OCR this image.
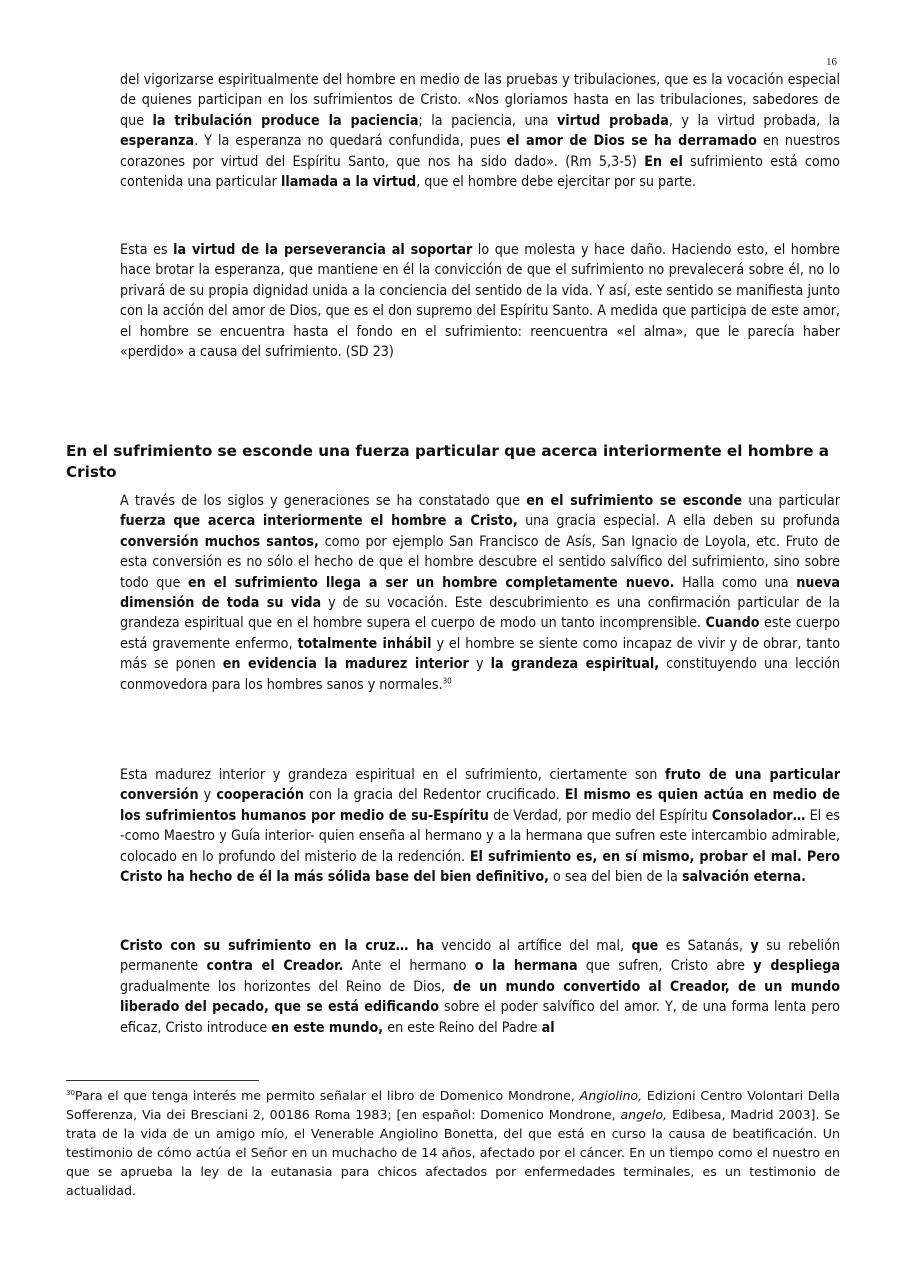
16

del vigorizarse espiritualmente del hombre en medio de las pruebas y tribulaciones, que es la vocación especial de quienes participan en los sufrimientos de Cristo. «Nos gloriamos hasta en las tribulaciones, sabedores de que la tribulación produce la paciencia; la paciencia, una virtud probada, y la virtud probada, la esperanza. Y la esperanza no quedará confundida, pues el amor de Dios se ha derramado en nuestros corazones por virtud del Espíritu Santo, que nos ha sido dado». (Rm 5,3-5) En el sufrimiento está como contenida una particular llamada a la virtud, que el hombre debe ejercitar por su parte.

Esta es la virtud de la perseverancia al soportar lo que molesta y hace daño. Haciendo esto, el hombre hace brotar la esperanza, que mantiene en él la convicción de que el sufrimiento no prevalecerá sobre él, no lo privará de su propia dignidad unida a la conciencia del sentido de la vida. Y así, este sentido se manifiesta junto con la acción del amor de Dios, que es el don supremo del Espíritu Santo. A medida que participa de este amor, el hombre se encuentra hasta el fondo en el sufrimiento: reencuentra «el alma», que le parecía haber «perdido» a causa del sufrimiento. (SD 23)

En el sufrimiento se esconde una fuerza particular que acerca interiormente el hombre a Cristo

A través de los siglos y generaciones se ha constatado que en el sufrimiento se esconde una particular fuerza que acerca interiormente el hombre a Cristo, una gracia especial. A ella deben su profunda conversión muchos santos, como por ejemplo San Francisco de Asís, San Ignacio de Loyola, etc. Fruto de esta conversión es no sólo el hecho de que el hombre descubre el sentido salvífico del sufrimiento, sino sobre todo que en el sufrimiento llega a ser un hombre completamente nuevo. Halla como una nueva dimensión de toda su vida y de su vocación. Este descubrimiento es una confirmación particular de la grandeza espiritual que en el hombre supera el cuerpo de modo un tanto incomprensible. Cuando este cuerpo está gravemente enfermo, totalmente inhábil y el hombre se siente como incapaz de vivir y de obrar, tanto más se ponen en evidencia la madurez interior y la grandeza espiritual, constituyendo una lección conmovedora para los hombres sanos y normales.$^{30}$

Esta madurez interior y grandeza espiritual en el sufrimiento, ciertamente son fruto de una particular conversión y cooperación con la gracia del Redentor crucificado. El mismo es quien actúa en medio de los sufrimientos humanos por medio de su-Espíritu de Verdad, por medio del Espíritu Consolador… El es -como Maestro y Guía interior- quien enseña al hermano y a la hermana que sufren este intercambio admirable, colocado en lo profundo del misterio de la redención. El sufrimiento es, en sí mismo, probar el mal. Pero Cristo ha hecho de él la más sólida base del bien definitivo, o sea del bien de la salvación eterna.

Cristo con su sufrimiento en la cruz… ha vencido al artífice del mal, que es Satanás, y su rebelión permanente contra el Creador. Ante el hermano o la hermana que sufren, Cristo abre y despliega gradualmente los horizontes del Reino de Dios, de un mundo convertido al Creador, de un mundo liberado del pecado, que se está edificando sobre el poder salvífico del amor. Y, de una forma lenta pero eficaz, Cristo introduce en este mundo, en este Reino del Padre al

$^{30}$Para el que tenga interés me permito señalar el libro de Domenico Mondrone, Angiolino, Edizioni Centro Volontari Della Sofferenza, Via dei Bresciani 2, 00186 Roma 1983; [en español: Domenico Mondrone, angelo, Edibesa, Madrid 2003]. Se trata de la vida de un amigo mío, el Venerable Angiolino Bonetta, del que está en curso la causa de beatificación. Un testimonio de cómo actúa el Señor en un muchacho de 14 años, afectado por el cáncer. En un tiempo como el nuestro en que se aprueba la ley de la eutanasia para chicos afectados por enfermedades terminales, es un testimonio de actualidad.
